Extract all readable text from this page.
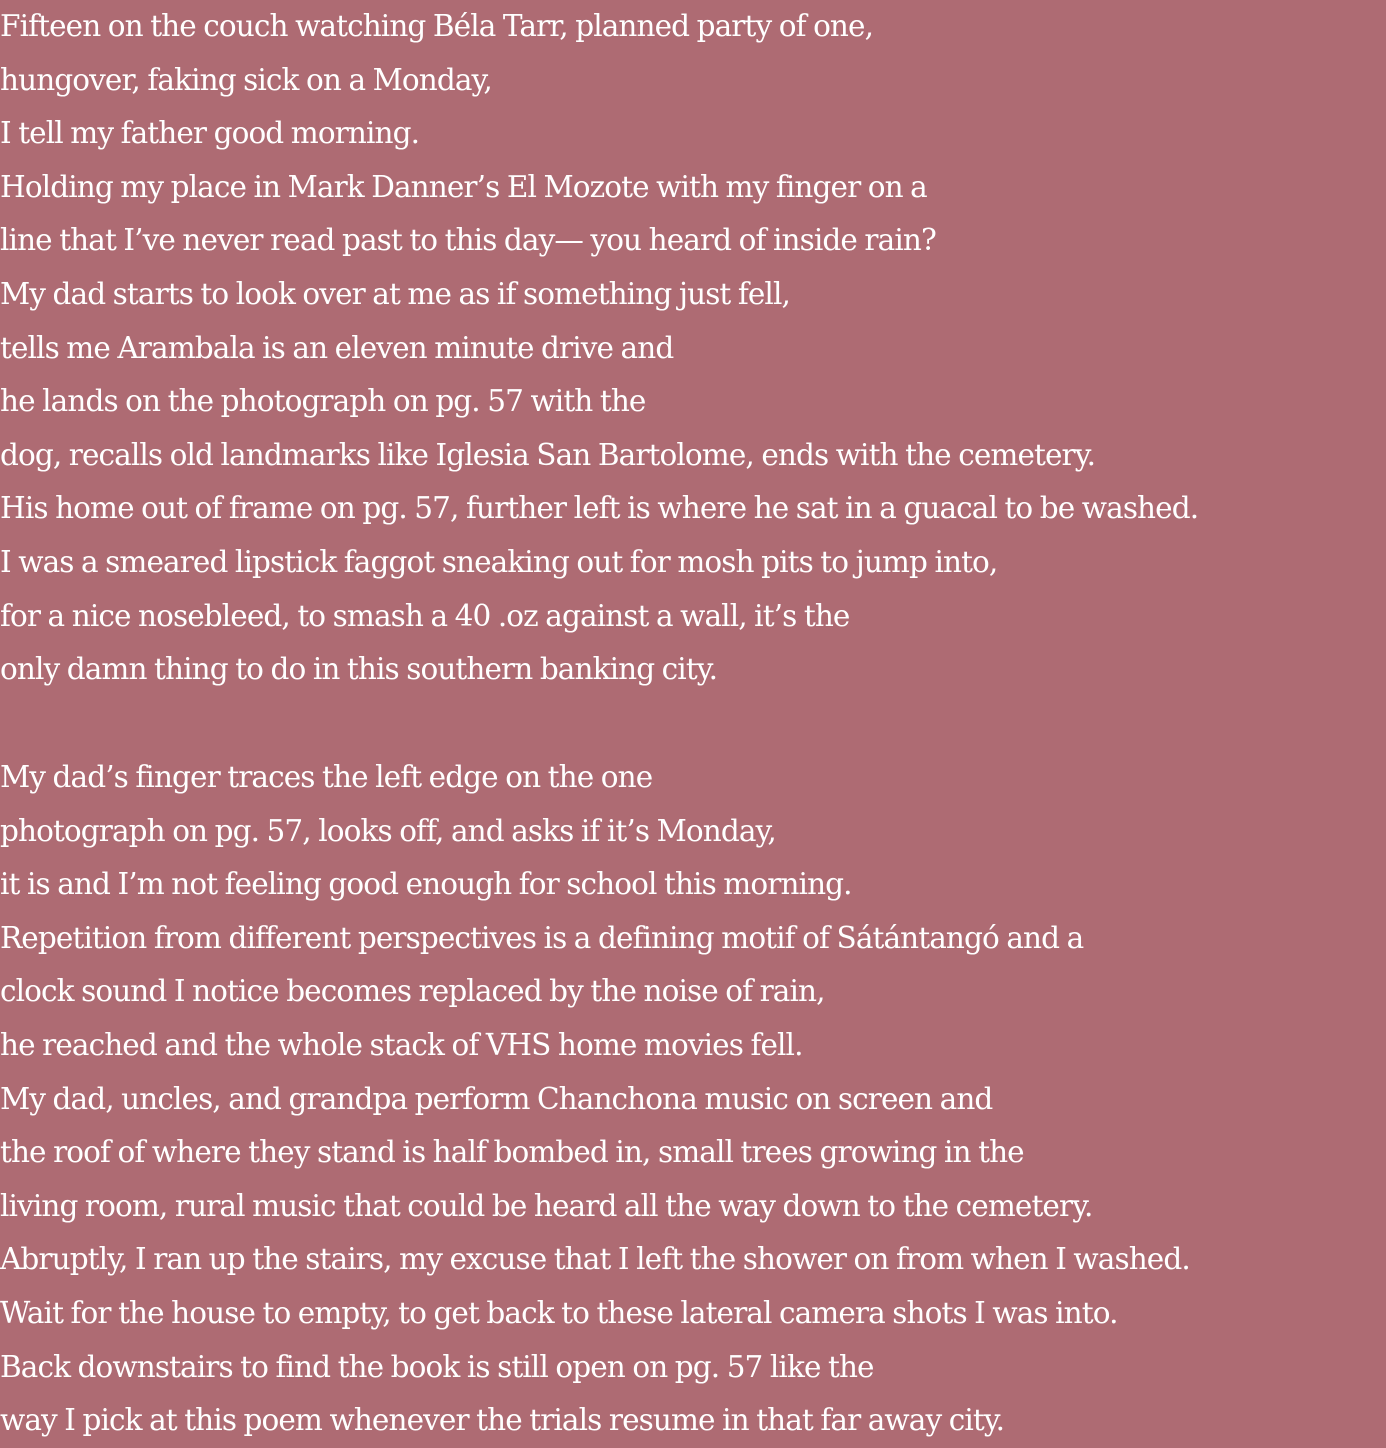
Fifteen on the couch watching Béla Tarr, planned party of one,
hungover, faking sick on a Monday,
I tell my father good morning.
Holding my place in Mark Danner’s El Mozote with my finger on a
line that I’ve never read past to this day— you heard of inside rain?
My dad starts to look over at me as if something just fell,
tells me Arambala is an eleven minute drive and
he lands on the photograph on pg. 57 with the
dog, recalls old landmarks like Iglesia San Bartolome, ends with the cemetery.
His home out of frame on pg. 57, further left is where he sat in a guacal to be washed.
I was a smeared lipstick faggot sneaking out for mosh pits to jump into,
for a nice nosebleed, to smash a 40 .oz against a wall, it’s the
only damn thing to do in this southern banking city.
My dad’s finger traces the left edge on the one
photograph on pg. 57, looks off, and asks if it’s Monday,
it is and I’m not feeling good enough for school this morning.
Repetition from different perspectives is a defining motif of Sátántangó and a
clock sound I notice becomes replaced by the noise of rain,
he reached and the whole stack of VHS home movies fell.
My dad, uncles, and grandpa perform Chanchona music on screen and
the roof of where they stand is half bombed in, small trees growing in the
living room, rural music that could be heard all the way down to the cemetery.
Abruptly, I ran up the stairs, my excuse that I left the shower on from when I washed.
Wait for the house to empty, to get back to these lateral camera shots I was into.
Back downstairs to find the book is still open on pg. 57 like the
way I pick at this poem whenever the trials resume in that far away city.
